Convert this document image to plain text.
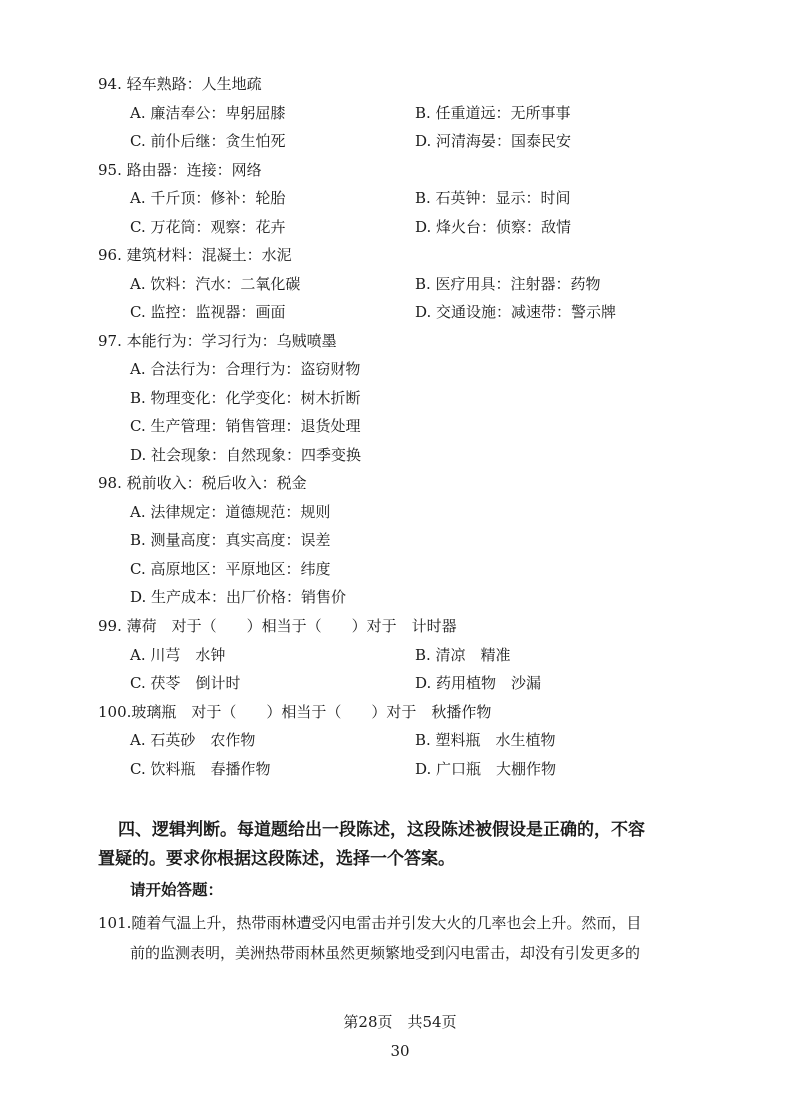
94. 轻车熟路：人生地疏
A. 廉洁奉公：卑躬屈膝	B. 任重道远：无所事事
C. 前仆后继：贪生怕死	D. 河清海晏：国泰民安
95. 路由器：连接：网络
A. 千斤顶：修补：轮胎	B. 石英钟：显示：时间
C. 万花筒：观察：花卉	D. 烽火台：侦察：敌情
96. 建筑材料：混凝土：水泥
A. 饮料：汽水：二氧化碳	B. 医疗用具：注射器：药物
C. 监控：监视器：画面	D. 交通设施：减速带：警示牌
97. 本能行为：学习行为：乌贼喷墨
A. 合法行为：合理行为：盗窃财物
B. 物理变化：化学变化：树木折断
C. 生产管理：销售管理：退货处理
D. 社会现象：自然现象：四季变换
98. 税前收入：税后收入：税金
A. 法律规定：道德规范：规则
B. 测量高度：真实高度：误差
C. 高原地区：平原地区：纬度
D. 生产成本：出厂价格：销售价
99. 薄荷　对于（　　）相当于（　　）对于　计时器
A. 川芎　水钟	B. 清凉　精准
C. 茯苓　倒计时	D. 药用植物　沙漏
100.玻璃瓶　对于（　　）相当于（　　）对于　秋播作物
A. 石英砂　农作物	B. 塑料瓶　水生植物
C. 饮料瓶　春播作物	D. 广口瓶　大棚作物
四、逻辑判断。每道题给出一段陈述，这段陈述被假设是正确的，不容
置疑的。要求你根据这段陈述，选择一个答案。
请开始答题：
101.随着气温上升，热带雨林遭受闪电雷击并引发大火的几率也会上升。然而，目
前的监测表明，美洲热带雨林虽然更频繁地受到闪电雷击，却没有引发更多的
第28页　共54页
30
